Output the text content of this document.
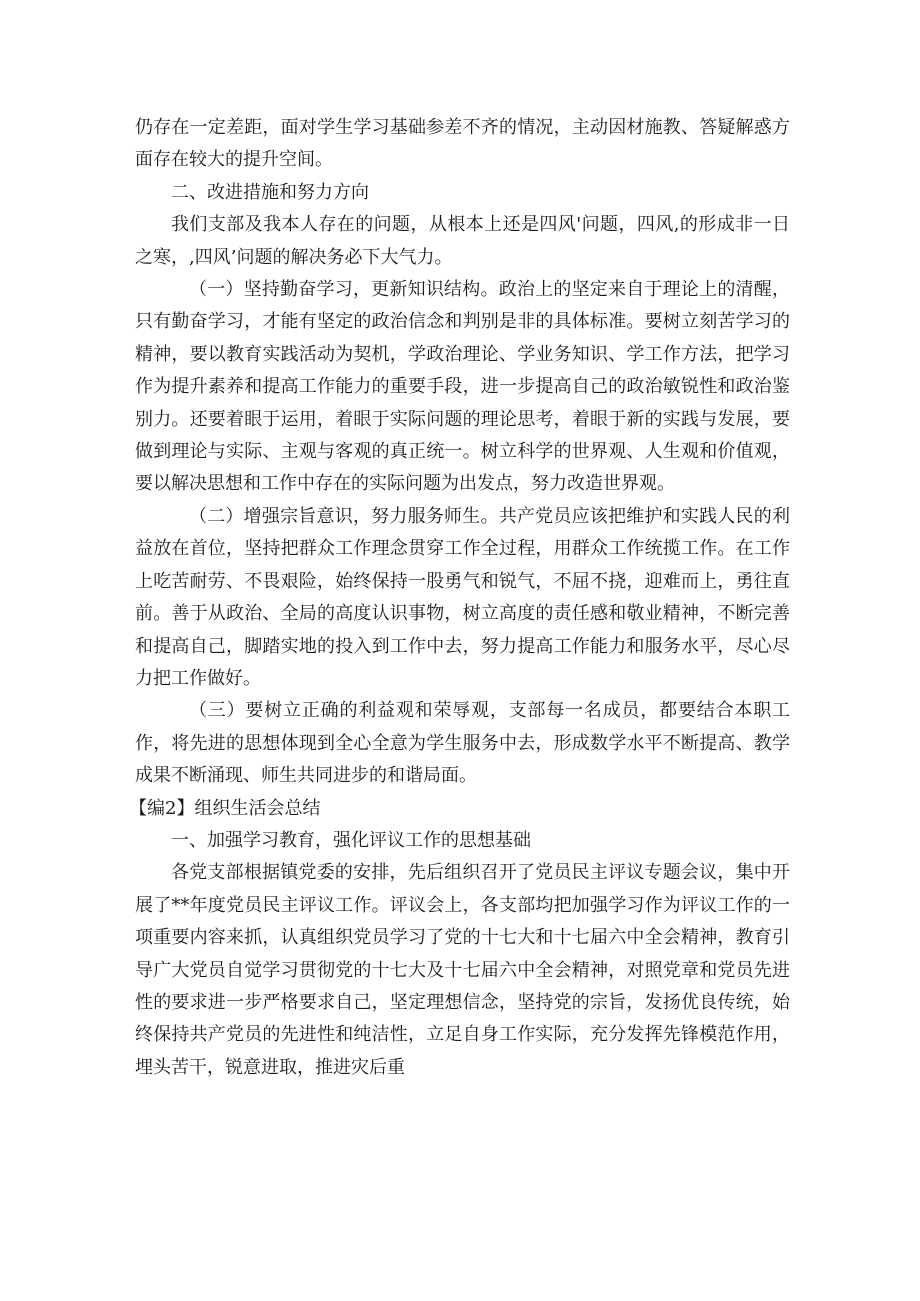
仍存在一定差距，面对学生学习基础参差不齐的情况，主动因材施教、答疑解惑方面存在较大的提升空间。

二、改进措施和努力方向

我们支部及我本人存在的问题，从根本上还是四风'问题，四风,的形成非一日之寒，,四风’问题的解决务必下大气力。

（一）坚持勤奋学习，更新知识结构。政治上的坚定来自于理论上的清醒，只有勤奋学习，才能有坚定的政治信念和判别是非的具体标准。要树立刻苦学习的精神，要以教育实践活动为契机，学政治理论、学业务知识、学工作方法，把学习作为提升素养和提高工作能力的重要手段，进一步提高自己的政治敏锐性和政治鉴别力。还要着眼于运用，着眼于实际问题的理论思考，着眼于新的实践与发展，要做到理论与实际、主观与客观的真正统一。树立科学的世界观、人生观和价值观，要以解决思想和工作中存在的实际问题为出发点，努力改造世界观。

（二）增强宗旨意识，努力服务师生。共产党员应该把维护和实践人民的利益放在首位，坚持把群众工作理念贯穿工作全过程，用群众工作统揽工作。在工作上吃苦耐劳、不畏艰险，始终保持一股勇气和锐气，不屈不挠，迎难而上，勇往直前。善于从政治、全局的高度认识事物，树立高度的责任感和敬业精神，不断完善和提高自己，脚踏实地的投入到工作中去，努力提高工作能力和服务水平，尽心尽力把工作做好。

（三）要树立正确的利益观和荣辱观，支部每一名成员，都要结合本职工作，将先进的思想体现到全心全意为学生服务中去，形成数学水平不断提高、教学成果不断涌现、师生共同进步的和谐局面。

【编2】组织生活会总结

一、加强学习教育，强化评议工作的思想基础

各党支部根据镇党委的安排，先后组织召开了党员民主评议专题会议，集中开展了**年度党员民主评议工作。评议会上，各支部均把加强学习作为评议工作的一项重要内容来抓，认真组织党员学习了党的十七大和十七届六中全会精神，教育引导广大党员自觉学习贯彻党的十七大及十七届六中全会精神，对照党章和党员先进性的要求进一步严格要求自己，坚定理想信念，坚持党的宗旨，发扬优良传统，始终保持共产党员的先进性和纯洁性，立足自身工作实际，充分发挥先锋模范作用，埋头苦干，锐意进取，推进灾后重
